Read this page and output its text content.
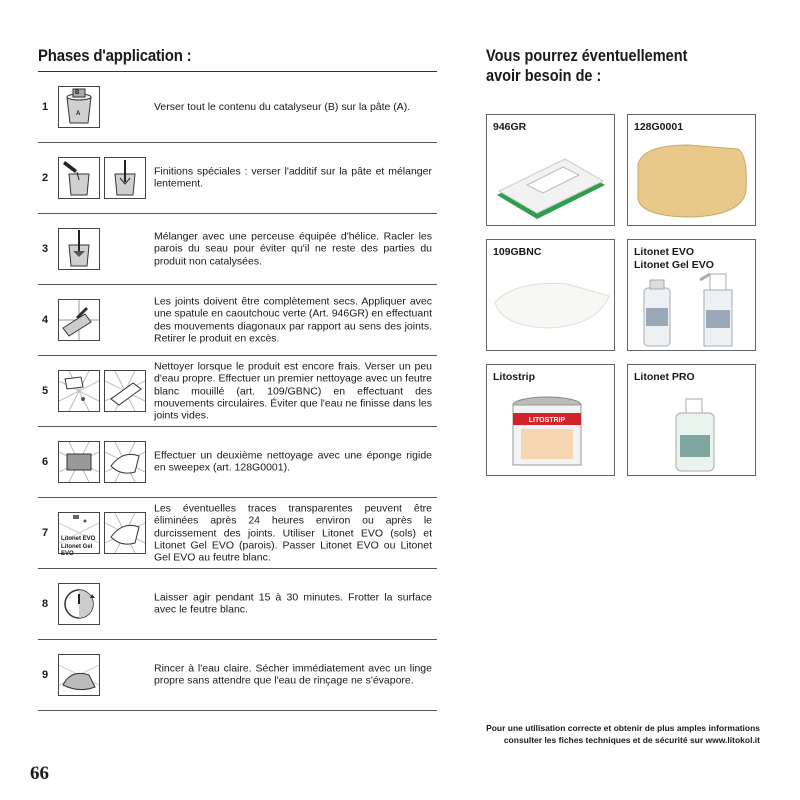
Phases d'application :
1
B
A
Verser tout le contenu du catalyseur (B) sur la pâte (A).
2
Finitions spéciales : verser l'additif sur la pâte et mélanger lentement.
3
Mélanger avec une perceuse équipée d'hélice. Racler les parois du seau pour éviter qu'il ne reste des parties du produit non catalysées.
4
Les joints doivent être complètement secs. Appliquer avec une spatule en caoutchouc verte (Art. 946GR) en effectuant des mouvements diagonaux par rapport au sens des joints. Retirer le produit en excès.
5
Nettoyer lorsque le produit est encore frais. Verser un peu d'eau propre. Effectuer un premier nettoyage avec un feutre blanc mouillé (art. 109/GBNC) en effectuant des mouvements circulaires. Éviter que l'eau ne finisse dans les joints vides.
6
Effectuer un deuxième nettoyage avec une éponge rigide en sweepex (art. 128G0001).
7 Litonet EVO
Litonet Gel EVO
Les éventuelles traces transparentes peuvent être éliminées après 24 heures environ ou après le durcissement des joints. Utiliser Litonet EVO (sols) et Litonet Gel EVO (parois). Passer Litonet EVO ou Litonet Gel EVO au feutre blanc.
8
Laisser agir pendant 15 à 30 minutes. Frotter la surface avec le feutre blanc.
9
Rincer à l'eau claire. Sécher immédiatement avec un linge propre sans attendre que l'eau de rinçage ne s'évapore.
Vous pourrez éventuellement
avoir besoin de :
946GR	128G0001
109GBNC	Litonet EVO
Litonet Gel EVO
Litostrip
LITOSTRIP
Litonet PRO
Pour une utilisation correcte et obtenir de plus amples informations
consulter les fiches techniques et de sécurité sur www.litokol.it
66
